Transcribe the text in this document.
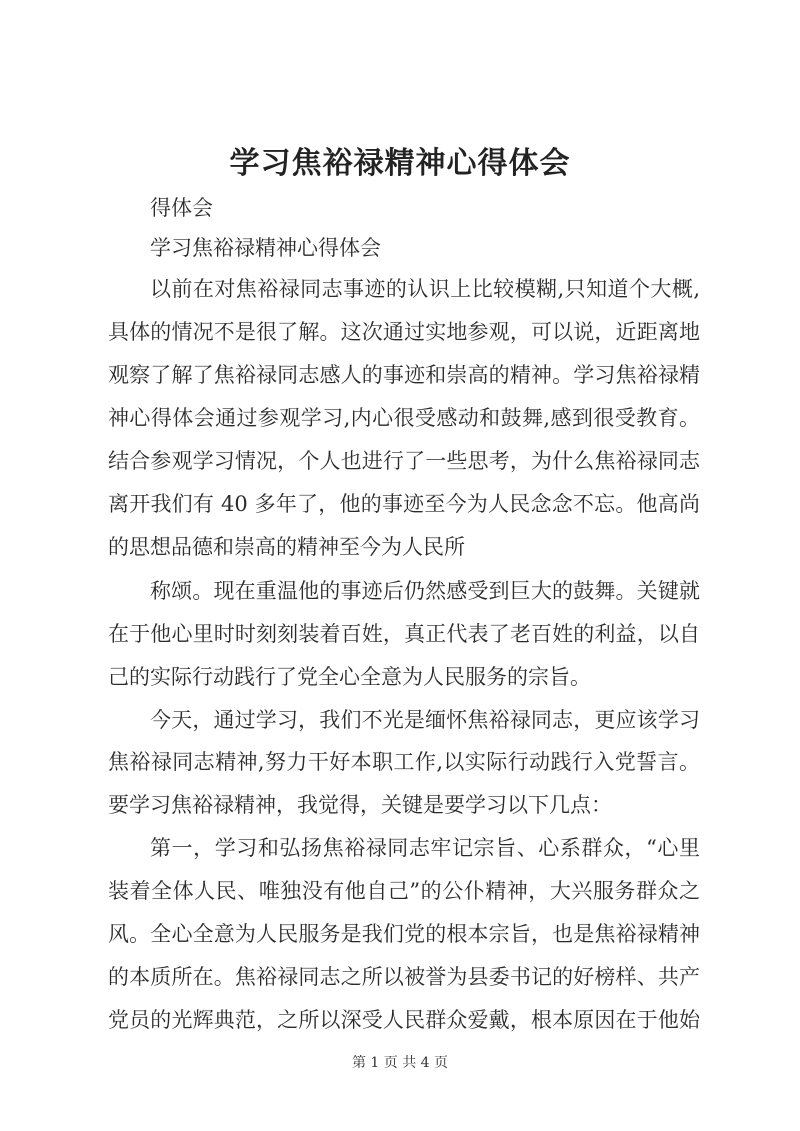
学习焦裕禄精神心得体会
得体会
学习焦裕禄精神心得体会
以前在对焦裕禄同志事迹的认识上比较模糊,只知道个大概,
具体的情况不是很了解。这次通过实地参观，可以说，近距离地
观察了解了焦裕禄同志感人的事迹和崇高的精神。学习焦裕禄精
神心得体会通过参观学习,内心很受感动和鼓舞,感到很受教育。
结合参观学习情况，个人也进行了一些思考，为什么焦裕禄同志
离开我们有 40 多年了，他的事迹至今为人民念念不忘。他高尚
的思想品德和崇高的精神至今为人民所
称颂。现在重温他的事迹后仍然感受到巨大的鼓舞。关键就
在于他心里时时刻刻装着百姓，真正代表了老百姓的利益，以自
己的实际行动践行了党全心全意为人民服务的宗旨。
今天，通过学习，我们不光是缅怀焦裕禄同志，更应该学习
焦裕禄同志精神,努力干好本职工作,以实际行动践行入党誓言。
要学习焦裕禄精神，我觉得，关键是要学习以下几点：
第一，学习和弘扬焦裕禄同志牢记宗旨、心系群众，“心里
装着全体人民、唯独没有他自己”的公仆精神，大兴服务群众之
风。全心全意为人民服务是我们党的根本宗旨，也是焦裕禄精神
的本质所在。焦裕禄同志之所以被誉为县委书记的好榜样、共产
党员的光辉典范，之所以深受人民群众爱戴，根本原因在于他始
第 1 页 共 4 页
